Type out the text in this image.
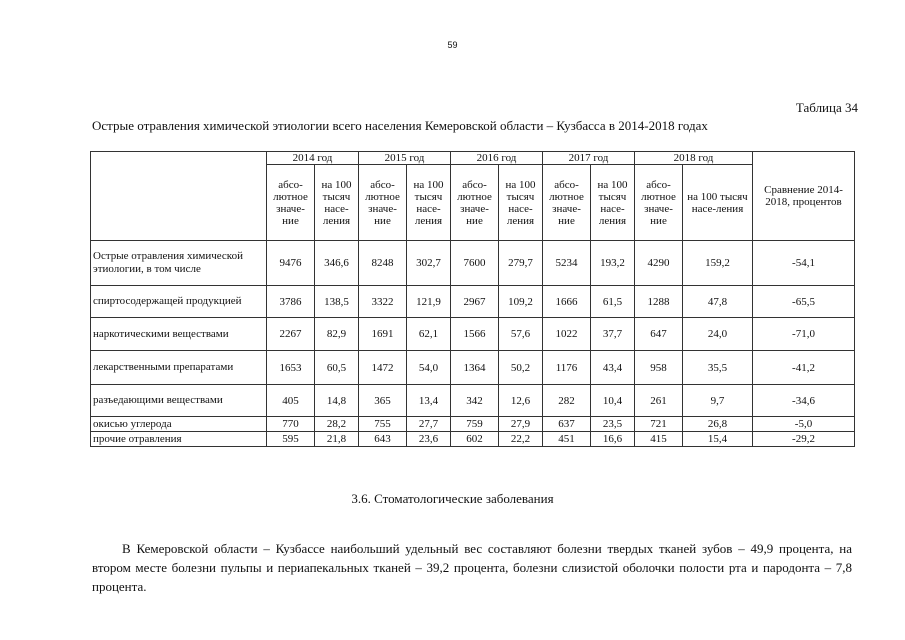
59
Таблица 34
Острые отравления химической этиологии всего населения Кемеровской области – Кузбасса в 2014-2018 годах
	2014 год		2015 год		2016 год		2017 год		2018 год		Сравнение 2014-2018, процентов
	абсо-лютное значе-ние	на 100 тысяч насе-ления	абсо-лютное значе-ние	на 100 тысяч насе-ления	абсо-лютное значе-ние	на 100 тысяч насе-ления	абсо-лютное значе-ние	на 100 тысяч насе-ления	абсо-лютное значе-ние	на 100 тысяч насе-ления	
Острые отравления химической этиологии, в том числе	9476	346,6	8248	302,7	7600	279,7	5234	193,2	4290	159,2	-54,1
спиртосодержащей продукцией	3786	138,5	3322	121,9	2967	109,2	1666	61,5	1288	47,8	-65,5
наркотическими веществами	2267	82,9	1691	62,1	1566	57,6	1022	37,7	647	24,0	-71,0
лекарственными препаратами	1653	60,5	1472	54,0	1364	50,2	1176	43,4	958	35,5	-41,2
разъедающими веществами	405	14,8	365	13,4	342	12,6	282	10,4	261	9,7	-34,6
окисью углерода	770	28,2	755	27,7	759	27,9	637	23,5	721	26,8	-5,0
прочие отравления	595	21,8	643	23,6	602	22,2	451	16,6	415	15,4	-29,2
3.6. Стоматологические заболевания

В Кемеровской области – Кузбассе наибольший удельный вес составляют болезни твердых тканей зубов – 49,9 процента, на втором месте болезни пульпы и периапекальных тканей – 39,2 процента, болезни слизистой оболочки полости рта и пародонта – 7,8 процента.
